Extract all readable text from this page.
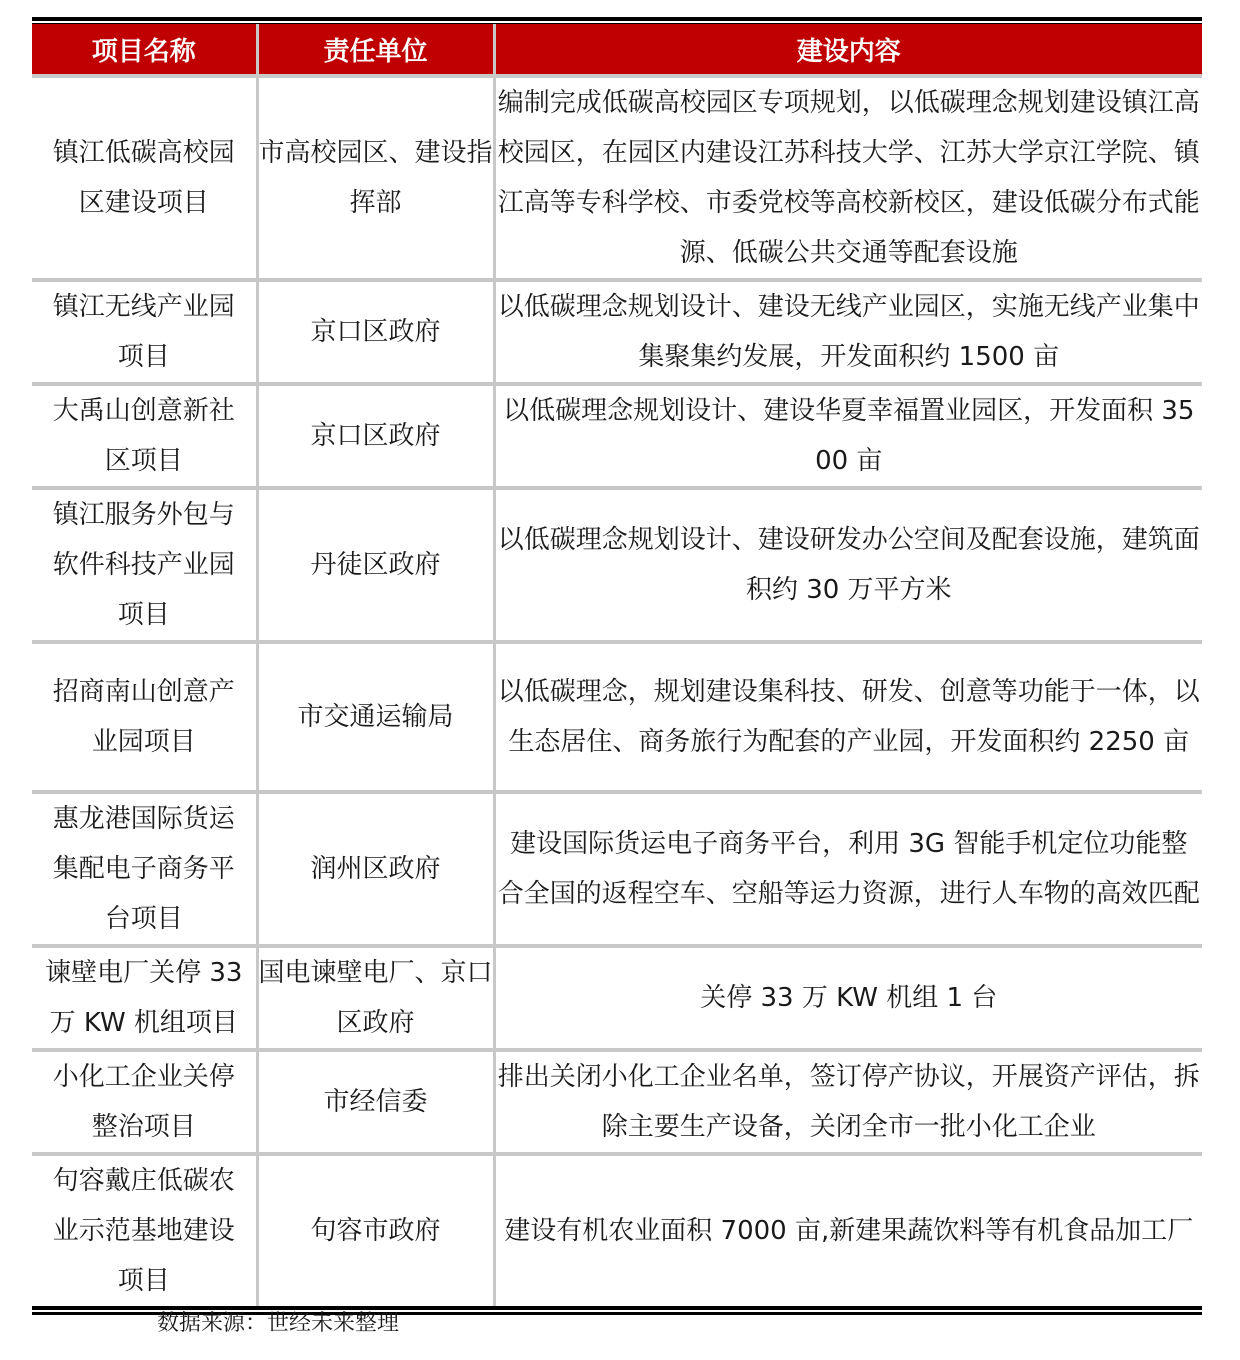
项目名称	责任单位	建设内容
镇江低碳高校园区建设项目	市高校园区、建设指挥部	编制完成低碳高校园区专项规划，以低碳理念规划建设镇江高校园区，在园区内建设江苏科技大学、江苏大学京江学院、镇江高等专科学校、市委党校等高校新校区，建设低碳分布式能源、低碳公共交通等配套设施
镇江无线产业园项目	京口区政府	以低碳理念规划设计、建设无线产业园区，实施无线产业集中集聚集约发展，开发面积约 1500 亩
大禹山创意新社区项目	京口区政府	以低碳理念规划设计、建设华夏幸福置业园区，开发面积 3500 亩
镇江服务外包与软件科技产业园项目	丹徒区政府	以低碳理念规划设计、建设研发办公空间及配套设施，建筑面积约 30 万平方米
招商南山创意产业园项目	市交通运输局	以低碳理念，规划建设集科技、研发、创意等功能于一体，以生态居住、商务旅行为配套的产业园，开发面积约 2250 亩
惠龙港国际货运集配电子商务平台项目	润州区政府	建设国际货运电子商务平台，利用 3G 智能手机定位功能整合全国的返程空车、空船等运力资源，进行人车物的高效匹配
谏壁电厂关停 33 万 KW 机组项目	国电谏壁电厂、京口区政府	关停 33 万 KW 机组 1 台
小化工企业关停整治项目	市经信委	排出关闭小化工企业名单，签订停产协议，开展资产评估，拆除主要生产设备，关闭全市一批小化工企业
句容戴庄低碳农业示范基地建设项目	句容市政府	建设有机农业面积 7000 亩,新建果蔬饮料等有机食品加工厂
数据来源：世经未来整理
